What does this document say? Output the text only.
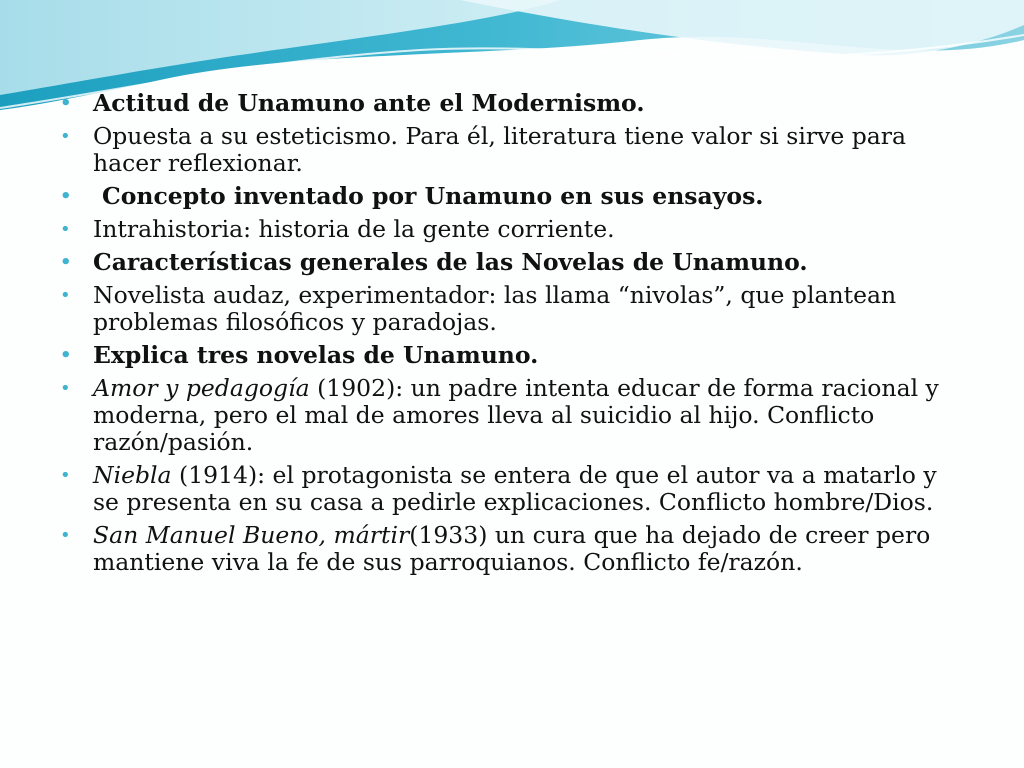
• Actitud de Unamuno ante el Modernismo.
• Opuesta a su esteticismo. Para él, literatura tiene valor si sirve para hacer reflexionar.
• Concepto inventado por Unamuno en sus ensayos.
• Intrahistoria: historia de la gente corriente.
• Características generales de las Novelas de Unamuno.
• Novelista audaz, experimentador: las llama “nivolas”, que plantean problemas filosóficos y paradojas.
• Explica tres novelas de Unamuno.
• Amor y pedagogía (1902): un padre intenta educar de forma racional y moderna, pero el mal de amores lleva al suicidio al hijo. Conflicto razón/pasión.
• Niebla (1914): el protagonista se entera de que el autor va a matarlo y se presenta en su casa a pedirle explicaciones. Conflicto hombre/Dios.
• San Manuel Bueno, mártir(1933) un cura que ha dejado de creer pero mantiene viva la fe de sus parroquianos. Conflicto fe/razón.
